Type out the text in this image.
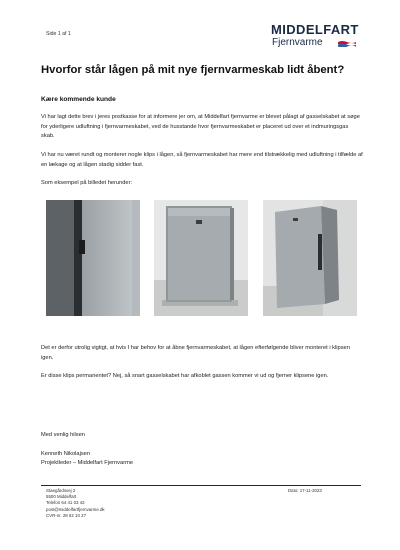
Side 1 af 1	MIDDELFART
Fjernvarme
Hvorfor står lågen på mit nye fjernvarmeskab lidt åbent?
Kære kommende kunde
Vi har lagt dette brev i jeres postkasse for at informere jer om, at Middelfart fjernvarme er blevet pålagt af gasselskabet at søge for yderligere udluftning i fjernvarmeskabet, ved de husstande hvor fjernvarmeskabet er placeret ud over et indmuringsgas skab.
Vi har nu været rundt og monterer nogle klips i lågen, så fjernvarmeskabet har mere end tilstrækkelig med udluftning i tilfælde af en lækage og at lågen stadig sidder fast.
Som eksempel på billedet herunder:
Det er derfor utrolig vigtigt, at hvis I har behov for at åbne fjernvarmeskabet, at lågen efterfølgende bliver monteret i klipsen igen.
Er disse klips permanentet? Nej, så snart gasselskabet har afkoblet gassen kommer vi ud og fjerner klipsene igen.
Med venlig hilsen
Kenneth Nikolajsen
Projektleder – Middelfart Fjernvarme
Staegårdsvej 2
5500 Middelfart
Telefon 64 41 03 42
post@middelfartfjernvarme.dk
CVR-nr. 28 62 10 27
Dato: 17-11-2023
